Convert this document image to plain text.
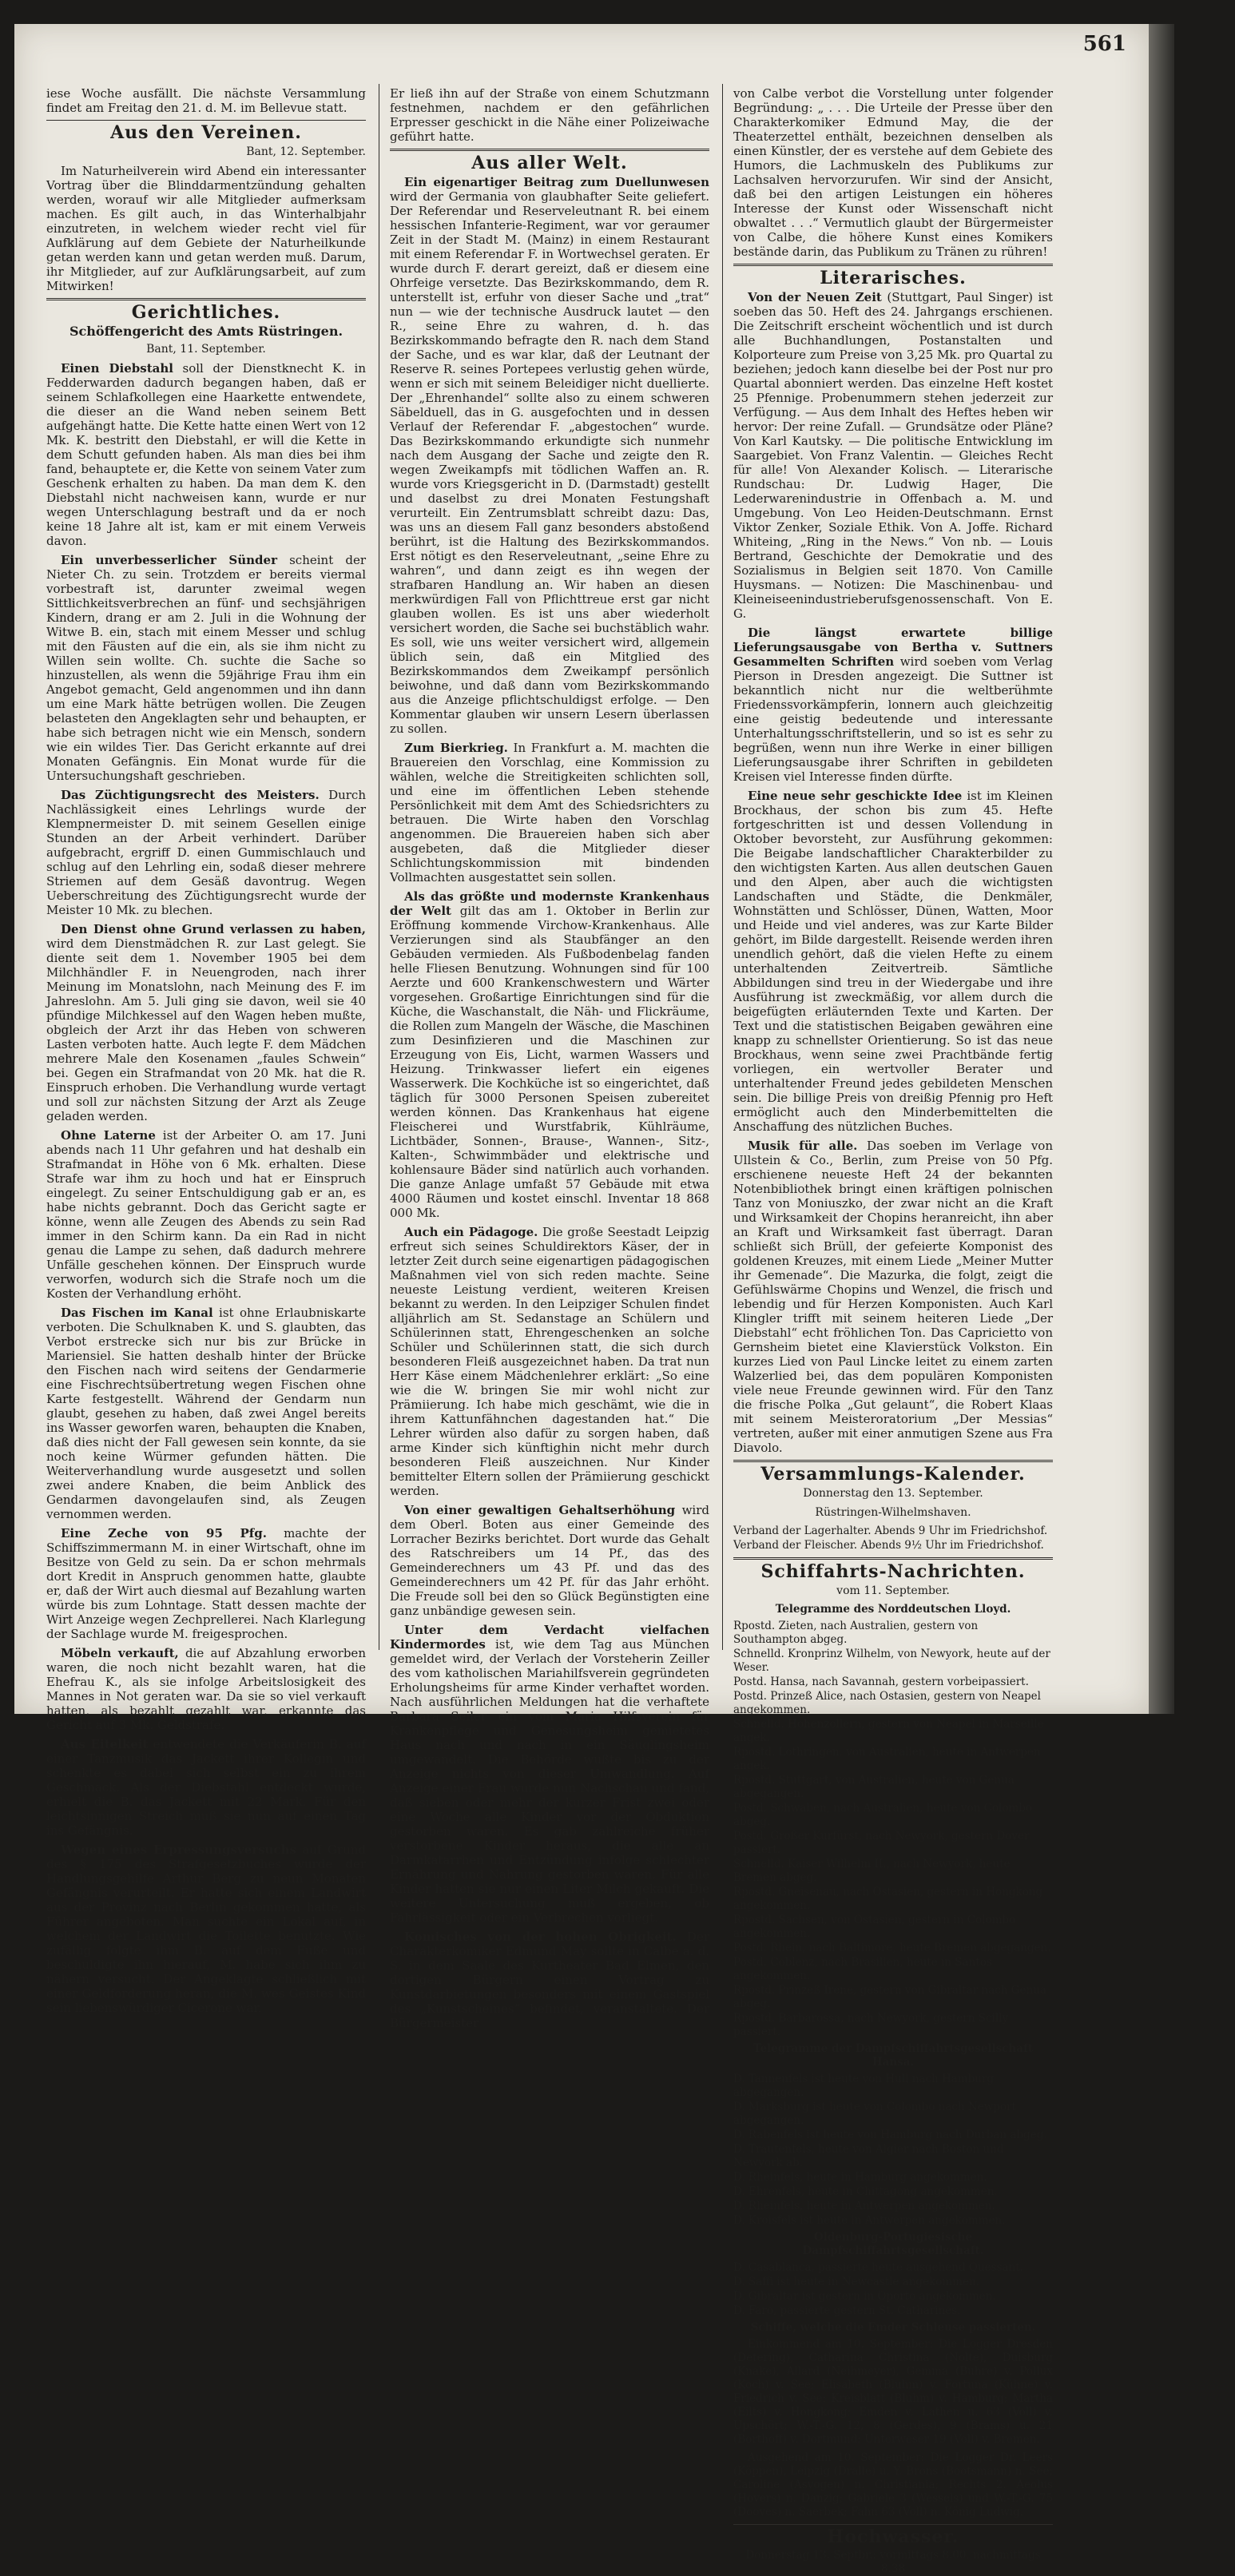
561

iese Woche ausfällt. Die nächste Versammlung findet am Freitag den 21. d. M. im Bellevue statt.

Aus den Vereinen.
Bant, 12. September.

Im Naturheilverein wird Abend ein interessanter Vortrag über die Blinddarmentzündung gehalten werden, worauf wir alle Mitglieder aufmerksam machen. Es gilt auch, in das Winterhalbjahr einzutreten, in welchem wieder recht viel für Aufklärung auf dem Gebiete der Naturheilkunde getan werden kann und getan werden muß. Darum, ihr Mitglieder, auf zur Aufklärungsarbeit, auf zum Mitwirken!

Gerichtliches.
Schöffengericht des Amts Rüstringen.
Bant, 11. September.

Einen Diebstahl soll der Dienstknecht K. in Fedderwarden dadurch begangen haben, daß er seinem Schlafkollegen eine Haarkette entwendete, die dieser an die Wand neben seinem Bett aufgehängt hatte. Die Kette hatte einen Wert von 12 Mk. K. bestritt den Diebstahl, er will die Kette in dem Schutt gefunden haben. Als man dies bei ihm fand, behauptete er, die Kette von seinem Vater zum Geschenk erhalten zu haben. Da man dem K. den Diebstahl nicht nachweisen kann, wurde er nur wegen Unterschlagung bestraft und da er noch keine 18 Jahre alt ist, kam er mit einem Verweis davon.

Ein unverbesserlicher Sünder scheint der Nieter Ch. zu sein. Trotzdem er bereits viermal vorbestraft ist, darunter zweimal wegen Sittlichkeitsverbrechen an fünf- und sechsjährigen Kindern, drang er am 2. Juli in die Wohnung der Witwe B. ein, stach mit einem Messer und schlug mit den Fäusten auf die ein, als sie ihm nicht zu Willen sein wollte. Ch. suchte die Sache so hinzustellen, als wenn die 59jährige Frau ihm ein Angebot gemacht, Geld angenommen und ihn dann um eine Mark hätte betrügen wollen. Die Zeugen belasteten den Angeklagten sehr und behaupten, er habe sich betragen nicht wie ein Mensch, sondern wie ein wildes Tier. Das Gericht erkannte auf drei Monaten Gefängnis. Ein Monat wurde für die Untersuchungshaft geschrieben.

Das Züchtigungsrecht des Meisters. Durch Nachlässigkeit eines Lehrlings wurde der Klempnermeister D. mit seinem Gesellen einige Stunden an der Arbeit verhindert. Darüber aufgebracht, ergriff D. einen Gummischlauch und schlug auf den Lehrling ein, sodaß dieser mehrere Striemen auf dem Gesäß davontrug. Wegen Ueberschreitung des Züchtigungsrecht wurde der Meister 10 Mk. zu blechen.

Den Dienst ohne Grund verlassen zu haben, wird dem Dienstmädchen R. zur Last gelegt. Sie diente seit dem 1. November 1905 bei dem Milchhändler F. in Neuengroden, nach ihrer Meinung im Monatslohn, nach Meinung des F. im Jahreslohn. Am 5. Juli ging sie davon, weil sie 40 pfündige Milchkessel auf den Wagen heben mußte, obgleich der Arzt ihr das Heben von schweren Lasten verboten hatte. Auch legte F. dem Mädchen mehrere Male den Kosenamen „faules Schwein“ bei. Gegen ein Strafmandat von 20 Mk. hat die R. Einspruch erhoben. Die Verhandlung wurde vertagt und soll zur nächsten Sitzung der Arzt als Zeuge geladen werden.

Ohne Laterne ist der Arbeiter O. am 17. Juni abends nach 11 Uhr gefahren und hat deshalb ein Strafmandat in Höhe von 6 Mk. erhalten. Diese Strafe war ihm zu hoch und hat er Einspruch eingelegt. Zu seiner Entschuldigung gab er an, es habe nichts gebrannt. Doch das Gericht sagte er könne, wenn alle Zeugen des Abends zu sein Rad immer in den Schirm kann. Da ein Rad in nicht genau die Lampe zu sehen, daß dadurch mehrere Unfälle geschehen können. Der Einspruch wurde verworfen, wodurch sich die Strafe noch um die Kosten der Verhandlung erhöht.

Das Fischen im Kanal ist ohne Erlaubniskarte verboten. Die Schulknaben K. und S. glaubten, das Verbot erstrecke sich nur bis zur Brücke in Mariensiel. Sie hatten deshalb hinter der Brücke den Fischen nach wird seitens der Gendarmerie eine Fischrechtsübertretung wegen Fischen ohne Karte festgestellt. Während der Gendarm nun glaubt, gesehen zu haben, daß zwei Angel bereits ins Wasser geworfen waren, behaupten die Knaben, daß dies nicht der Fall gewesen sein konnte, da sie noch keine Würmer gefunden hätten. Die Weiterverhandlung wurde ausgesetzt und sollen zwei andere Knaben, die beim Anblick des Gendarmen davongelaufen sind, als Zeugen vernommen werden.

Eine Zeche von 95 Pfg. machte der Schiffszimmermann M. in einer Wirtschaft, ohne im Besitze von Geld zu sein. Da er schon mehrmals dort Kredit in Anspruch genommen hatte, glaubte er, daß der Wirt auch diesmal auf Bezahlung warten würde bis zum Lohntage. Statt dessen machte der Wirt Anzeige wegen Zechprellerei. Nach Klarlegung der Sachlage wurde M. freigesprochen.

Möbeln verkauft, die auf Abzahlung erworben waren, die noch nicht bezahlt waren, hat die Ehefrau K., als sie infolge Arbeitslosigkeit des Mannes in Not geraten war. Da sie so viel verkauft hatten, als bezahlt gezahlt war, erkannte das Gericht auf 3 Mk. Geldstrafe.

Aus Eitelkeit entwendete die Verkäuferin B. auf einer Tanzmusik das Jackett ihrer Kollegin und schenkte es dabei sich selbst ein zu ihrem Geschmack. Als der Diebstahl entdeckt wurde, erhielt die B. das Jackett mit 22 Mark. Für den leichtsinnigen Streich muß sie nun auf einen Tag ins Gefängnis.

Wegen eines Erpressungsversuchs auf Grund des § 175 des Strafgesetzbuches wurde der Handlungsgehilfe Arthur Berg zu neun Monaten Gefängnis verurteilt. Er hatte sich einem Landwirt aus der Provinz nach Berlin gekommen hatte, als Führer angeboten. Man suchte ein Lokal auf, in welchem der Landwirt die Toilette benutzte. Wie zufällig folgte ihm B. auf dem Fuße und beschuldigte ihn hierauf, M. habe sich ihm zu nähern versucht. Der Angeklagte schließlich mit einer Geldforderung heran, die M. wes Geistes Kind sein liebenswürdiger Cicerone war.

Er ließ ihn auf der Straße von einem Schutzmann festnehmen, nachdem er den gefährlichen Erpresser geschickt in die Nähe einer Polizeiwache geführt hatte.

Aus aller Welt.

Ein eigenartiger Beitrag zum Duellunwesen wird der Germania von glaubhafter Seite geliefert. Der Referendar und Reserveleutnant R. bei einem hessischen Infanterie-Regiment, war vor geraumer Zeit in der Stadt M. (Mainz) in einem Restaurant mit einem Referendar F. in Wortwechsel geraten. Er wurde durch F. derart gereizt, daß er diesem eine Ohrfeige versetzte. Das Bezirkskommando, dem R. unterstellt ist, erfuhr von dieser Sache und „trat“ nun — wie der technische Ausdruck lautet — den R., seine Ehre zu wahren, d. h. das Bezirkskommando befragte den R. nach dem Stand der Sache, und es war klar, daß der Leutnant der Reserve R. seines Portepees verlustig gehen würde, wenn er sich mit seinem Beleidiger nicht duellierte. Der „Ehrenhandel“ sollte also zu einem schweren Säbelduell, das in G. ausgefochten und in dessen Verlauf der Referendar F. „abgestochen“ wurde. Das Bezirkskommando erkundigte sich nunmehr nach dem Ausgang der Sache und zeigte den R. wegen Zweikampfs mit tödlichen Waffen an. R. wurde vors Kriegsgericht in D. (Darmstadt) gestellt und daselbst zu drei Monaten Festungshaft verurteilt. Ein Zentrumsblatt schreibt dazu: Das, was uns an diesem Fall ganz besonders abstoßend berührt, ist die Haltung des Bezirkskommandos. Erst nötigt es den Reserveleutnant, „seine Ehre zu wahren“, und dann zeigt es ihn wegen der strafbaren Handlung an. Wir haben an diesen merkwürdigen Fall von Pflichttreue erst gar nicht glauben wollen. Es ist uns aber wiederholt versichert worden, die Sache sei buchstäblich wahr. Es soll, wie uns weiter versichert wird, allgemein üblich sein, daß ein Mitglied des Bezirkskommandos dem Zweikampf persönlich beiwohne, und daß dann vom Bezirkskommando aus die Anzeige pflichtschuldigst erfolge. — Den Kommentar glauben wir unsern Lesern überlassen zu sollen.

Zum Bierkrieg. In Frankfurt a. M. machten die Brauereien den Vorschlag, eine Kommission zu wählen, welche die Streitigkeiten schlichten soll, und eine im öffentlichen Leben stehende Persönlichkeit mit dem Amt des Schiedsrichters zu betrauen. Die Wirte haben den Vorschlag angenommen. Die Brauereien haben sich aber ausgebeten, daß die Mitglieder dieser Schlichtungskommission mit bindenden Vollmachten ausgestattet sein sollen.

Als das größte und modernste Krankenhaus der Welt gilt das am 1. Oktober in Berlin zur Eröffnung kommende Virchow-Krankenhaus. Alle Verzierungen sind als Staubfänger an den Gebäuden vermieden. Als Fußbodenbelag fanden helle Fliesen Benutzung. Wohnungen sind für 100 Aerzte und 600 Krankenschwestern und Wärter vorgesehen. Großartige Einrichtungen sind für die Küche, die Waschanstalt, die Näh- und Flickräume, die Rollen zum Mangeln der Wäsche, die Maschinen zum Desinfizieren und die Maschinen zur Erzeugung von Eis, Licht, warmen Wassers und Heizung. Trinkwasser liefert ein eigenes Wasserwerk. Die Kochküche ist so eingerichtet, daß täglich für 3000 Personen Speisen zubereitet werden können. Das Krankenhaus hat eigene Fleischerei und Wurstfabrik, Kühlräume, Lichtbäder, Sonnen-, Brause-, Wannen-, Sitz-, Kalten-, Schwimmbäder und elektrische und kohlensaure Bäder sind natürlich auch vorhanden. Die ganze Anlage umfaßt 57 Gebäude mit etwa 4000 Räumen und kostet einschl. Inventar 18 868 000 Mk.

Auch ein Pädagoge. Die große Seestadt Leipzig erfreut sich seines Schuldirektors Käser, der in letzter Zeit durch seine eigenartigen pädagogischen Maßnahmen viel von sich reden machte. Seine neueste Leistung verdient, weiteren Kreisen bekannt zu werden. In den Leipziger Schulen findet alljährlich am St. Sedanstage an Schülern und Schülerinnen statt, Ehrengeschenken an solche Schüler und Schülerinnen statt, die sich durch besonderen Fleiß ausgezeichnet haben. Da trat nun Herr Käse einem Mädchenlehrer erklärt: „So eine wie die W. bringen Sie mir wohl nicht zur Prämiierung. Ich habe mich geschämt, wie die in ihrem Kattunfähnchen dagestanden hat.“ Die Lehrer würden also dafür zu sorgen haben, daß arme Kinder sich künftighin nicht mehr durch besonderen Fleiß auszeichnen. Nur Kinder bemittelter Eltern sollen der Prämiierung geschickt werden.

Von einer gewaltigen Gehaltserhöhung wird dem Oberl. Boten aus einer Gemeinde des Lorracher Bezirks berichtet. Dort wurde das Gehalt des Ratschreibers um 14 Pf., das des Gemeinderechners um 43 Pf. und das des Gemeinderechners um 42 Pf. für das Jahr erhöht. Die Freude soll bei den so Glück Begünstigten eine ganz unbändige gewesen sein.

Unter dem Verdacht vielfachen Kindermordes ist, wie dem Tag aus München gemeldet wird, der Verlach der Vorsteherin Zeiller des vom katholischen Mariahilfsverein gegründeten Erholungsheims für arme Kinder verhaftet worden. Nach ausführlichen Meldungen hat die verhaftete Barbara Seiler ein vom Maria Hilfsverein für Krankenpflege und Genesungsheim gemietetes Haus nach und nach in ein Säuglingsheim umgewandelt. Die Behörde wußte bis zu der Anzeige nichts von dieser Umwandlung. Auf Anzeige einer Frau wurde nun Nachschau und fand, daß sieben oder mehr der kurzer Frist zwei oder eine Woche alle Kinder vor der Obduktion gestorben waren. Es gab zahlreiche früher verstorbene Kinder heraus, die alle an Darmkatarrhen und Entzündung infolge schlechter Ernährung und Nahrung gestorben waren. Für alle Kinder hatten sie nur einen Liter Milch gekauft. Die weitere Untersuchung muß ergeben, ob Fahrlässigkeit oder ein Verbrechen vorliegt.

Komisches von der hohen Obrigkeit. Der Charakterkomiker Edmund May sollte in Calbe a. d. S. in dem Saale des Kurtheater Bad Elmen, den dortigen Bürgern einen Vortrag zu Kunstdarbietungen besonders mit einem Gastspiel des „Kunstscheines“ befindet, veranstaltete. Der Bürgermeister

von Calbe verbot die Vorstellung unter folgender Begründung: „ . . . Die Urteile der Presse über den Charakterkomiker Edmund May, die der Theaterzettel enthält, bezeichnen denselben als einen Künstler, der es verstehe auf dem Gebiete des Humors, die Lachmuskeln des Publikums zur Lachsalven hervorzurufen. Wir sind der Ansicht, daß bei den artigen Leistungen ein höheres Interesse der Kunst oder Wissenschaft nicht obwaltet . . .“ Vermutlich glaubt der Bürgermeister von Calbe, die höhere Kunst eines Komikers bestände darin, das Publikum zu Tränen zu rühren!

Literarisches.

Von der Neuen Zeit (Stuttgart, Paul Singer) ist soeben das 50. Heft des 24. Jahrgangs erschienen. Die Zeitschrift erscheint wöchentlich und ist durch alle Buchhandlungen, Postanstalten und Kolporteure zum Preise von 3,25 Mk. pro Quartal zu beziehen; jedoch kann dieselbe bei der Post nur pro Quartal abonniert werden. Das einzelne Heft kostet 25 Pfennige. Probenummern stehen jederzeit zur Verfügung. — Aus dem Inhalt des Heftes heben wir hervor: Der reine Zufall. — Grundsätze oder Pläne? Von Karl Kautsky. — Die politische Entwicklung im Saargebiet. Von Franz Valentin. — Gleiches Recht für alle! Von Alexander Kolisch. — Literarische Rundschau: Dr. Ludwig Hager, Die Lederwarenindustrie in Offenbach a. M. und Umgebung. Von Leo Heiden-Deutschmann. Ernst Viktor Zenker, Soziale Ethik. Von A. Joffe. Richard Whiteing, „Ring in the News.“ Von nb. — Louis Bertrand, Geschichte der Demokratie und des Sozialismus in Belgien seit 1870. Von Camille Huysmans. — Notizen: Die Maschinenbau- und Kleineiseenindustrieberufsgenossenschaft. Von E. G.

Die längst erwartete billige Lieferungsausgabe von Bertha v. Suttners Gesammelten Schriften wird soeben vom Verlag Pierson in Dresden angezeigt. Die Suttner ist bekanntlich nicht nur die weltberühmte Friedenssvorkämpferin, lonnern auch gleichzeitig eine geistig bedeutende und interessante Unterhaltungsschriftstellerin, und so ist es sehr zu begrüßen, wenn nun ihre Werke in einer billigen Lieferungsausgabe ihrer Schriften in gebildeten Kreisen viel Interesse finden dürfte.

Eine neue sehr geschickte Idee ist im Kleinen Brockhaus, der schon bis zum 45. Hefte fortgeschritten ist und dessen Vollendung in Oktober bevorsteht, zur Ausführung gekommen: Die Beigabe landschaftlicher Charakterbilder zu den wichtigsten Karten. Aus allen deutschen Gauen und den Alpen, aber auch die wichtigsten Landschaften und Städte, die Denkmäler, Wohnstätten und Schlösser, Dünen, Watten, Moor und Heide und viel anderes, was zur Karte Bilder gehört, im Bilde dargestellt. Reisende werden ihren unendlich gehört, daß die vielen Hefte zu einem unterhaltenden Zeitvertreib. Sämtliche Abbildungen sind treu in der Wiedergabe und ihre Ausführung ist zweckmäßig, vor allem durch die beigefügten erläuternden Texte und Karten. Der Text und die statistischen Beigaben gewähren eine knapp zu schnellster Orientierung. So ist das neue Brockhaus, wenn seine zwei Prachtbände fertig vorliegen, ein wertvoller Berater und unterhaltender Freund jedes gebildeten Menschen sein. Die billige Preis von dreißig Pfennig pro Heft ermöglicht auch den Minderbemittelten die Anschaffung des nützlichen Buches.

Musik für alle. Das soeben im Verlage von Ullstein & Co., Berlin, zum Preise von 50 Pfg. erschienene neueste Heft 24 der bekannten Notenbibliothek bringt einen kräftigen polnischen Tanz von Moniuszko, der zwar nicht an die Kraft und Wirksamkeit der Chopins heranreicht, ihn aber an Kraft und Wirksamkeit fast überragt. Daran schließt sich Brüll, der gefeierte Komponist des goldenen Kreuzes, mit einem Liede „Meiner Mutter ihr Gemenade“. Die Mazurka, die folgt, zeigt die Gefühlswärme Chopins und Wenzel, die frisch und lebendig und für Herzen Komponisten. Auch Karl Klingler trifft mit seinem heiteren Liede „Der Diebstahl“ echt fröhlichen Ton. Das Capricietto von Gernsheim bietet eine Klavierstück Volkston. Ein kurzes Lied von Paul Lincke leitet zu einem zarten Walzerlied bei, das dem populären Komponisten viele neue Freunde gewinnen wird. Für den Tanz die frische Polka „Gut gelaunt“, die Robert Klaas mit seinem Meisteroratorium „Der Messias“ vertreten, außer mit einer anmutigen Szene aus Fra Diavolo.

Versammlungs-Kalender.
Donnerstag den 13. September.
Rüstringen-Wilhelmshaven.
Verband der Lagerhalter. Abends 9 Uhr im Friedrichshof.
Verband der Fleischer. Abends 9½ Uhr im Friedrichshof.
Schiffahrts-Nachrichten.
vom 11. September.
Telegramme des Norddeutschen Lloyd.
Rpostd. Zieten, nach Australien, gestern von Southampton abgeg.
Schnelld. Kronprinz Wilhelm, von Newyork, heute auf der Weser.
Postd. Hansa, nach Savannah, gestern vorbeipassiert.
Postd. Prinzeß Alice, nach Ostasien, gestern von Neapel angekommen.
Schnelld. Hohenzollern, gestern von Neapel in Marseille angek.
Rpostd. Lothringen, von Australien, heute in Antwerpen angek.
Rpostd. Stuttgart, von Australien, heute von Genua abgegangen.
Postd. Schwaben, nach Australien, heute von Colombo abgeg.
Postd. Großer Kurfürst, nach Newyork, gestern Dover passiert.
Schnelld. Kaiser Wilhelm II., nach Newyork, heute Bremen abgeg.
Rpostd. Gneisenau, nach Ostasien, gestern in Hongkong angekommen.
Rpostd. Sachsen, von Ostasien, gestern in Colombo angekommen.
Postd. Rhein, nach Baltimore, heute Bremen abgegangen.
Postd. Coblenz, nach Brasilien, heute in Santos angekommen.
Rpostd. Prinzeß Irene, gestern von Gibraltar nach Genua abgeg.
Rpostd. Barbarossa, nach Newyork, gestern Scilly passiert.
Telegramme der Dampfschiffahrtsgesellschaft Hansa.
D. Tannenfels ist heute von Hull nach Hamburg abgegangen.
D. Marksburg ist heute von Colombo nach Newport abgegangen.
D. Rabenfels ist heute von Hamburg nach Durban abgeg.
D. Trautenfels, heute von Algier nach Boston und Newyork ab.
D. Rheinfels, heute in Hamburg angekommen.
D. Ehrenfels, heute in Chittagong angekommen.
D. Rheinfels, heute in Antwerpen angekommen.
D. Kroisfels ist heute in Antwerpen angekommen.
Oldenburg-Portugiesische Dampfschiffahrtsgesellschaft.
D. Casablanca, passierte heute ausgehend Quessant.
D. Saffi ist heute in Newcastle angekommen.
D. Gibraltar ist gestern in Oporto angekommen.
D. Faro, passierte gestern St. Catharines.
Schiffe, welche die Emder Schleuse passierten.

Einkommend am 10. September: Die Logger Dresden (Detering), Catharina Christina (Nolte), Duisburg (Knake), Allard (Neihmeyer), Gemma (Buhre) v. Pollux (Koch) v. See; Elisabeth (Bluhm) v. Fortuna (Kühne) v. Friedrich v. See; Kreisblatt (Bluhm) v. Hamburg; Martha (Eilts) v. Hongkong; Emden v. Lathen u. 63 (Voll) v. Upschört; W.-T.-G. 12, 8 (Gerdes), 9 (Brams) u. 21 (Borthoff) v. Dortmund; Unterweser 19 (Voll) v. Bremen.

Ausgehend am 10. September: Die Logger Dr. Leers (Köppen), Leipzig (Dralle) u. Y. Brons (Bootsmann) n. See; Caroline (Asvogen) n. Christiania; Rechts 2. Aeolus (Hovers) n. Danzig; Gabriele 3 (Wessels) und W.-T.-G. 75 (Dooves) n. Saerbek; Fahn 63 (Voll) n. König Ludwig.

Hochwasser.

Donnerstag 13. Septbr.: vormittags 8.00, nachmittags 8.38
